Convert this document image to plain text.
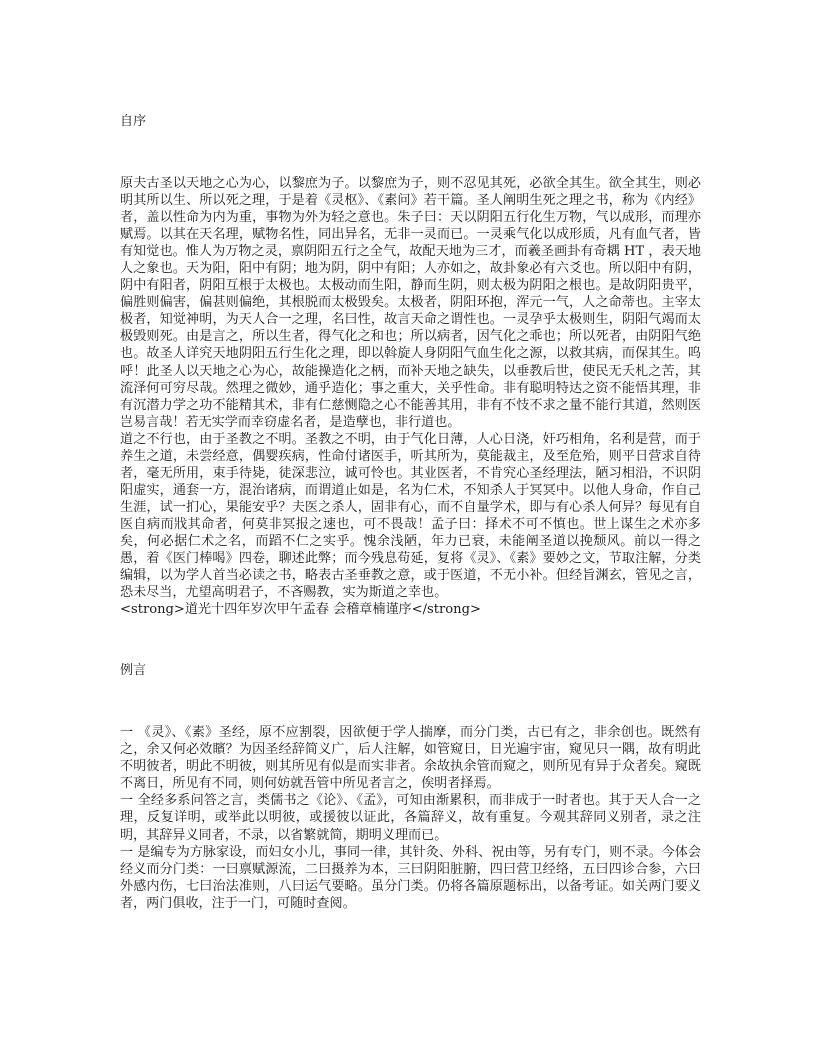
自序

原夫古圣以天地之心为心，以黎庶为子。以黎庶为子，则不忍见其死，必欲全其生。欲全其生，则必明其所以生、所以死之理，于是着《灵枢》、《素问》若干篇。圣人阐明生死之理之书，称为《内经》者，盖以性命为内为重，事物为外为轻之意也。朱子曰：天以阴阳五行化生万物，气以成形，而理亦赋焉。以其在天名理，赋物名性，同出异名，无非一灵而已。一灵乘气化以成形质，凡有血气者，皆有知觉也。惟人为万物之灵，禀阴阳五行之全气，故配天地为三才，而羲圣画卦有奇耦 HT ，表天地人之象也。天为阳，阳中有阴；地为阴，阴中有阳；人亦如之，故卦象必有六爻也。所以阳中有阴，阴中有阳者，阴阳互根于太极也。太极动而生阳，静而生阴，则太极为阴阳之根也。是故阴阳贵平，偏胜则偏害，偏甚则偏绝，其根脱而太极毁矣。太极者，阴阳环抱，浑元一气，人之命蒂也。主宰太极者，知觉神明，为天人合一之理，名曰性，故言天命之谓性也。一灵孕乎太极则生，阴阳气竭而太极毁则死。由是言之，所以生者，得气化之和也；所以病者，因气化之乖也；所以死者，由阴阳气绝也。故圣人详究天地阴阳五行生化之理，即以斡旋人身阴阳气血生化之源，以救其病，而保其生。呜呼！此圣人以天地之心为心，故能操造化之柄，而补天地之缺失，以垂教后世，使民无夭札之苦，其流泽何可穷尽哉。然理之微妙，通乎造化；事之重大，关乎性命。非有聪明特达之资不能悟其理，非有沉潜力学之功不能精其术，非有仁慈恻隐之心不能善其用，非有不忮不求之量不能行其道，然则医岂易言哉！若无实学而幸窃虚名者，是造孽也，非行道也。

道之不行也，由于圣教之不明。圣教之不明，由于气化日薄，人心日浇，奸巧相角，名利是营，而于养生之道，未尝经意，偶婴疾病，性命付诸医手，听其所为，莫能裁主，及至危殆，则平日营求自待者，毫无所用，束手待毙，徒深悲泣，诚可怜也。其业医者，不肯究心圣经理法，陋习相沿，不识阴阳虚实，通套一方，混治诸病，而谓道止如是，名为仁术，不知杀人于冥冥中。以他人身命，作自己生涯，试一扪心，果能安乎？夫医之杀人，固非有心，而不自量学术，即与有心杀人何异？每见有自医自病而戕其命者，何莫非冥报之速也，可不畏哉！孟子曰：择术不可不慎也。世上谋生之术亦多矣，何必据仁术之名，而蹈不仁之实乎。愧余浅陋，年力已衰，未能阐圣道以挽颓风。前以一得之愚，着《医门棒喝》四卷，聊述此弊；而今残息苟延，复将《灵》、《素》要妙之文，节取注解，分类编辑，以为学人首当必读之书，略表古圣垂教之意，或于医道，不无小补。但经旨渊玄，管见之言，恐未尽当，尤望高明君子，不吝赐教，实为斯道之幸也。

<strong>道光十四年岁次甲午孟春 会稽章楠谨序</strong>

例言

一 《灵》、《素》圣经，原不应割裂，因欲便于学人揣摩，而分门类，古已有之，非余创也。既然有之，余又何必效矉？为因圣经辞简义广，后人注解，如管窥日，日光遍宇宙，窥见只一隅，故有明此不明彼者，明此不明彼，则其所见有似是而实非者。余故执余管而窥之，则所见有异于众者矣。窥既不离日，所见有不同，则何妨就吾管中所见者言之，俟明者择焉。

一 全经多系问答之言，类儒书之《论》、《孟》，可知由渐累积，而非成于一时者也。其于天人合一之理，反复详明，或举此以明彼，或援彼以证此，各篇辞义，故有重复。今观其辞同义别者，录之注明，其辞异义同者，不录，以省繁就简，期明义理而已。

一 是编专为方脉家设，而妇女小儿，事同一律，其针灸、外科、祝由等，另有专门，则不录。今体会经义而分门类：一曰禀赋源流，二曰摄养为本，三曰阴阳脏腑，四曰营卫经络，五曰四诊合参，六曰外感内伤，七曰治法准则，八曰运气要略。虽分门类。仍将各篇原题标出，以备考证。如关两门要义者，两门俱收，注于一门，可随时查阅。
